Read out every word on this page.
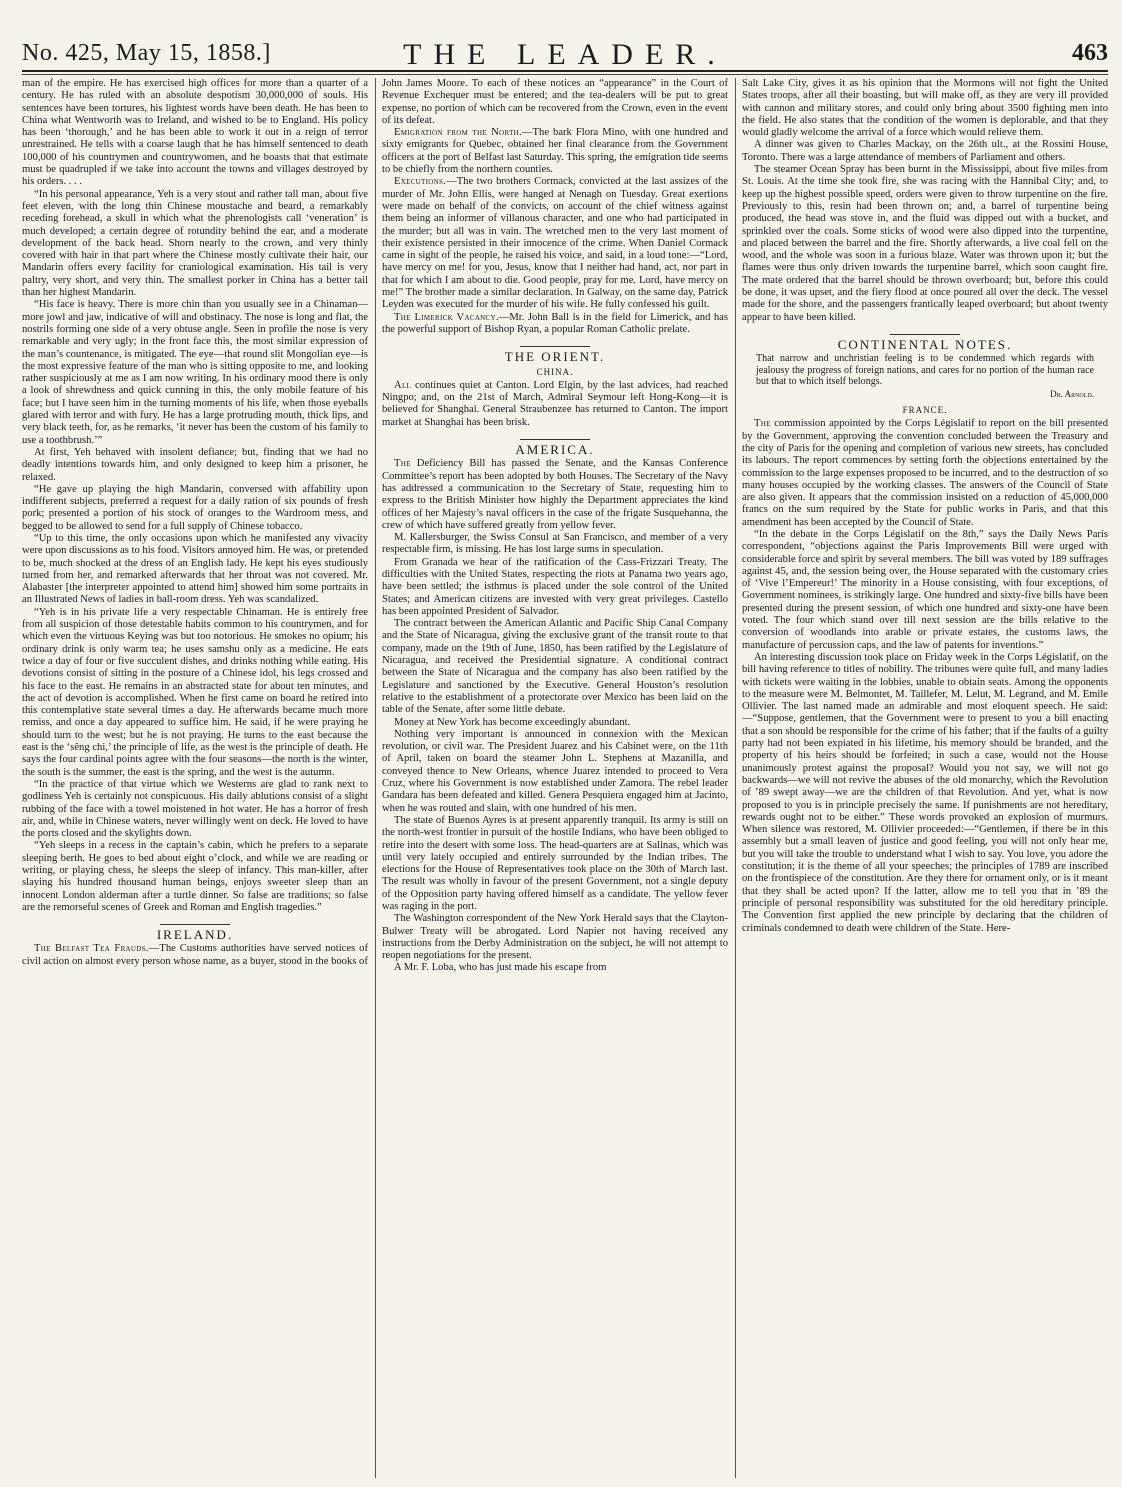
No. 425, May 15, 1858.]	THE LEADER.	463

man of the empire. He has exercised high offices for more than a quarter of a century. He has ruled with an absolute despotism 30,000,000 of souls. His sentences have been tortures, his lightest words have been death. He has been to China what Wentworth was to Ireland, and wished to be to England. His policy has been ‘thorough,’ and he has been able to work it out in a reign of terror unrestrained. He tells with a coarse laugh that he has himself sentenced to death 100,000 of his countrymen and countrywomen, and he boasts that that estimate must be quadrupled if we take into account the towns and villages destroyed by his orders. . . .

“In his personal appearance, Yeh is a very stout and rather tall man, about five feet eleven, with the long thin Chinese moustache and beard, a remarkably receding forehead, a skull in which what the phrenologists call ‘veneration’ is much developed; a certain degree of rotundity behind the ear, and a moderate development of the back head. Shorn nearly to the crown, and very thinly covered with hair in that part where the Chinese mostly cultivate their hair, our Mandarin offers every facility for craniological examination. His tail is very paltry, very short, and very thin. The smallest porker in China has a better tail than her highest Mandarin.

“His face is heavy. There is more chin than you usually see in a Chinaman—more jowl and jaw, indicative of will and obstinacy. The nose is long and flat, the nostrils forming one side of a very obtuse angle. Seen in profile the nose is very remarkable and very ugly; in the front face this, the most similar expression of the man’s countenance, is mitigated. The eye—that round slit Mongolian eye—is the most expressive feature of the man who is sitting opposite to me, and looking rather suspiciously at me as I am now writing. In his ordinary mood there is only a look of shrewdness and quick cunning in this, the only mobile feature of his face; but I have seen him in the turning moments of his life, when those eyeballs glared with terror and with fury. He has a large protruding mouth, thick lips, and very black teeth, for, as he remarks, ‘it never has been the custom of his family to use a toothbrush.’”

At first, Yeh behaved with insolent defiance; but, finding that we had no deadly intentions towards him, and only designed to keep him a prisoner, he relaxed.

“He gave up playing the high Mandarin, conversed with affability upon indifferent subjects, preferred a request for a daily ration of six pounds of fresh pork; presented a portion of his stock of oranges to the Wardroom mess, and begged to be allowed to send for a full supply of Chinese tobacco.

“Up to this time, the only occasions upon which he manifested any vivacity were upon discussions as to his food. Visitors annoyed him. He was, or pretended to be, much shocked at the dress of an English lady. He kept his eyes studiously turned from her, and remarked afterwards that her throat was not covered. Mr. Alabaster [the interpreter appointed to attend him] showed him some portraits in an Illustrated News of ladies in ball-room dress. Yeh was scandalized.

“Yeh is in his private life a very respectable Chinaman. He is entirely free from all suspicion of those detestable habits common to his countrymen, and for which even the virtuous Keying was but too notorious. He smokes no opium; his ordinary drink is only warm tea; he uses samshu only as a medicine. He eats twice a day of four or five succulent dishes, and drinks nothing while eating. His devotions consist of sitting in the posture of a Chinese idol, his legs crossed and his face to the east. He remains in an abstracted state for about ten minutes, and the act of devotion is accomplished. When he first came on board he retired into this contemplative state several times a day. He afterwards became much more remiss, and once a day appeared to suffice him. He said, if he were praying he should turn to the west; but he is not praying. He turns to the east because the east is the ‘sêng chi,’ the principle of life, as the west is the principle of death. He says the four cardinal points agree with the four seasons—the north is the winter, the south is the summer, the east is the spring, and the west is the autumn.

“In the practice of that virtue which we Westerns are glad to rank next to godliness Yeh is certainly not conspicuous. His daily ablutions consist of a slight rubbing of the face with a towel moistened in hot water. He has a horror of fresh air, and, while in Chinese waters, never willingly went on deck. He loved to have the ports closed and the skylights down.

“Yeh sleeps in a recess in the captain’s cabin, which he prefers to a separate sleeping berth. He goes to bed about eight o’clock, and while we are reading or writing, or playing chess, he sleeps the sleep of infancy. This man-killer, after slaying his hundred thousand human beings, enjoys sweeter sleep than an innocent London alderman after a turtle dinner. So false are traditions; so false are the remorseful scenes of Greek and Roman and English tragedies.”

IRELAND.

The Belfast Tea Frauds.—The Customs authorities have served notices of civil action on almost every person whose name, as a buyer, stood in the books of

John James Moore. To each of these notices an “appearance” in the Court of Revenue Exchequer must be entered; and the tea-dealers will be put to great expense, no portion of which can be recovered from the Crown, even in the event of its defeat.

Emigration from the North.—The bark Flora Mino, with one hundred and sixty emigrants for Quebec, obtained her final clearance from the Government officers at the port of Belfast last Saturday. This spring, the emigration tide seems to be chiefly from the northern counties.

Executions.—The two brothers Cormack, convicted at the last assizes of the murder of Mr. John Ellis, were hanged at Nenagh on Tuesday. Great exertions were made on behalf of the convicts, on account of the chief witness against them being an informer of villanous character, and one who had participated in the murder; but all was in vain. The wretched men to the very last moment of their existence persisted in their innocence of the crime. When Daniel Cormack came in sight of the people, he raised his voice, and said, in a loud tone:—“Lord, have mercy on me! for you, Jesus, know that I neither had hand, act, nor part in that for which I am about to die. Good people, pray for me. Lord, have mercy on me!” The brother made a similar declaration. In Galway, on the same day, Patrick Leyden was executed for the murder of his wife. He fully confessed his guilt.

The Limerick Vacancy.—Mr. John Ball is in the field for Limerick, and has the powerful support of Bishop Ryan, a popular Roman Catholic prelate.

THE ORIENT.
CHINA.

All continues quiet at Canton. Lord Elgin, by the last advices, had reached Ningpo; and, on the 21st of March, Admiral Seymour left Hong-Kong—it is believed for Shanghai. General Straubenzee has returned to Canton. The import market at Shanghai has been brisk.

AMERICA.

The Deficiency Bill has passed the Senate, and the Kansas Conference Committee’s report has been adopted by both Houses. The Secretary of the Navy has addressed a communication to the Secretary of State, requesting him to express to the British Minister how highly the Department appreciates the kind offices of her Majesty’s naval officers in the case of the frigate Susquehanna, the crew of which have suffered greatly from yellow fever.

M. Kallersburger, the Swiss Consul at San Francisco, and member of a very respectable firm, is missing. He has lost large sums in speculation.

From Granada we hear of the ratification of the Cass-Frizzari Treaty. The difficulties with the United States, respecting the riots at Panama two years ago, have been settled; the isthmus is placed under the sole control of the United States; and American citizens are invested with very great privileges. Castello has been appointed President of Salvador.

The contract between the American Atlantic and Pacific Ship Canal Company and the State of Nicaragua, giving the exclusive grant of the transit route to that company, made on the 19th of June, 1850, has been ratified by the Legislature of Nicaragua, and received the Presidential signature. A conditional contract between the State of Nicaragua and the company has also been ratified by the Legislature and sanctioned by the Executive. General Houston’s resolution relative to the establishment of a protectorate over Mexico has been laid on the table of the Senate, after some little debate.

Money at New York has become exceedingly abundant.

Nothing very important is announced in connexion with the Mexican revolution, or civil war. The President Juarez and his Cabinet were, on the 11th of April, taken on board the steamer John L. Stephens at Mazanilla, and conveyed thence to New Orleans, whence Juarez intended to proceed to Vera Cruz, where his Government is now established under Zamora. The rebel leader Gandara has been defeated and killed. Genera Pesquiera engaged him at Jacinto, when he was routed and slain, with one hundred of his men.

The state of Buenos Ayres is at present apparently tranquil. Its army is still on the north-west frontier in pursuit of the hostile Indians, who have been obliged to retire into the desert with some loss. The head-quarters are at Salinas, which was until very lately occupied and entirely surrounded by the Indian tribes. The elections for the House of Representatives took place on the 30th of March last. The result was wholly in favour of the present Government, not a single deputy of the Opposition party having offered himself as a candidate. The yellow fever was raging in the port.

The Washington correspondent of the New York Herald says that the Clayton-Bulwer Treaty will be abrogated. Lord Napier not having received any instructions from the Derby Administration on the subject, he will not attempt to reopen negotiations for the present.

A Mr. F. Loba, who has just made his escape from

Salt Lake City, gives it as his opinion that the Mormons will not fight the United States troops, after all their boasting, but will make off, as they are very ill provided with cannon and military stores, and could only bring about 3500 fighting men into the field. He also states that the condition of the women is deplorable, and that they would gladly welcome the arrival of a force which would relieve them.

A dinner was given to Charles Mackay, on the 26th ult., at the Rossini House, Toronto. There was a large attendance of members of Parliament and others.

The steamer Ocean Spray has been burnt in the Mississippi, about five miles from St. Louis. At the time she took fire, she was racing with the Hannibal City; and, to keep up the highest possible speed, orders were given to throw turpentine on the fire. Previously to this, resin had been thrown on; and, a barrel of turpentine being produced, the head was stove in, and the fluid was dipped out with a bucket, and sprinkled over the coals. Some sticks of wood were also dipped into the turpentine, and placed between the barrel and the fire. Shortly afterwards, a live coal fell on the wood, and the whole was soon in a furious blaze. Water was thrown upon it; but the flames were thus only driven towards the turpentine barrel, which soon caught fire. The mate ordered that the barrel should be thrown overboard; but, before this could be done, it was upset, and the fiery flood at once poured all over the deck. The vessel made for the shore, and the passengers frantically leaped overboard; but about twenty appear to have been killed.

CONTINENTAL NOTES.
That narrow and unchristian feeling is to be condemned which regards with jealousy the progress of foreign nations, and cares for no portion of the human race but that to which itself belongs.
Dr. Arnold.
FRANCE.

The commission appointed by the Corps Législatif to report on the bill presented by the Government, approving the convention concluded between the Treasury and the city of Paris for the opening and completion of various new streets, has concluded its labours. The report commences by setting forth the objections entertained by the commission to the large expenses proposed to be incurred, and to the destruction of so many houses occupied by the working classes. The answers of the Council of State are also given. It appears that the commission insisted on a reduction of 45,000,000 francs on the sum required by the State for public works in Paris, and that this amendment has been accepted by the Council of State.

“In the debate in the Corps Législatif on the 8th,” says the Daily News Paris correspondent, “objections against the Paris Improvements Bill were urged with considerable force and spirit by several members. The bill was voted by 189 suffrages against 45, and, the session being over, the House separated with the customary cries of ‘Vive l’Empereur!’ The minority in a House consisting, with four exceptions, of Government nominees, is strikingly large. One hundred and sixty-five bills have been presented during the present session, of which one hundred and sixty-one have been voted. The four which stand over till next session are the bills relative to the conversion of woodlands into arable or private estates, the customs laws, the manufacture of percussion caps, and the law of patents for inventions.”

An interesting discussion took place on Friday week in the Corps Législatif, on the bill having reference to titles of nobility. The tribunes were quite full, and many ladies with tickets were waiting in the lobbies, unable to obtain seats. Among the opponents to the measure were M. Belmontet, M. Taillefer, M. Lelut, M. Legrand, and M. Emile Ollivier. The last named made an admirable and most eloquent speech. He said:—“Suppose, gentlemen, that the Government were to present to you a bill enacting that a son should be responsible for the crime of his father; that if the faults of a guilty party had not been expiated in his lifetime, his memory should be branded, and the property of his heirs should be forfeited; in such a case, would not the House unanimously protest against the proposal? Would you not say, we will not go backwards—we will not revive the abuses of the old monarchy, which the Revolution of ’89 swept away—we are the children of that Revolution. And yet, what is now proposed to you is in principle precisely the same. If punishments are not hereditary, rewards ought not to be either.” These words provoked an explosion of murmurs. When silence was restored, M. Ollivier proceeded:—“Gentlemen, if there be in this assembly but a small leaven of justice and good feeling, you will not only hear me, but you will take the trouble to understand what I wish to say. You love, you adore the constitution; it is the theme of all your speeches; the principles of 1789 are inscribed on the frontispiece of the constitution. Are they there for ornament only, or is it meant that they shall be acted upon? If the latter, allow me to tell you that in ’89 the principle of personal responsibility was substituted for the old hereditary principle. The Convention first applied the new principle by declaring that the children of criminals condemned to death were children of the State. Here-
